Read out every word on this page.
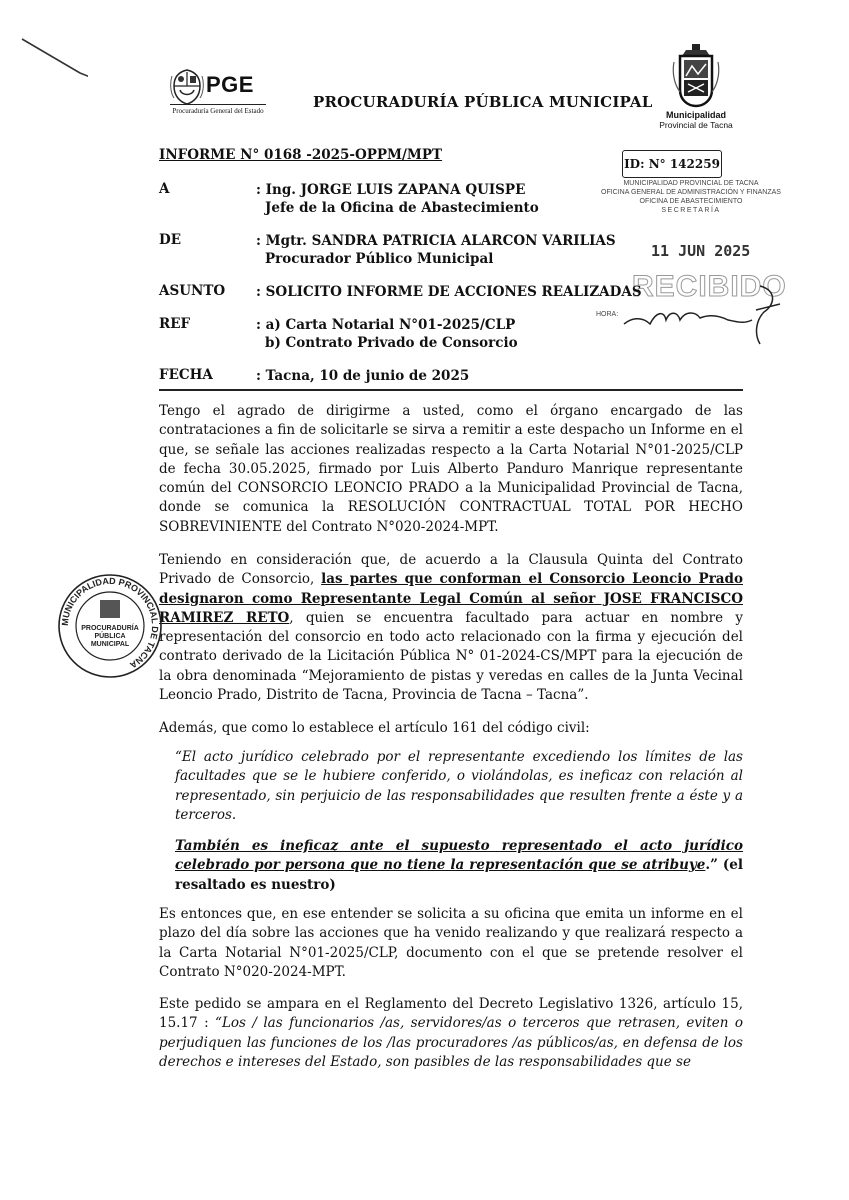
PGE
Procuraduría General del Estado	PROCURADURÍA PÚBLICA MUNICIPAL
Municipalidad
Provincial de Tacna
INFORME N° 0168 -2025-OPPM/MPT
ID: N° 142259
MUNICIPALIDAD PROVINCIAL DE TACNA
OFICINA GENERAL DE ADMINISTRACIÓN Y FINANZAS
OFICINA DE ABASTECIMIENTO
SECRETARÍA
11 JUN 2025
RECIBIDO
HORA:
A	: Ing. JORGE LUIS ZAPANA QUISPE
Jefe de la Oficina de Abastecimiento
DE	: Mgtr. SANDRA PATRICIA ALARCON VARILIAS
Procurador Público Municipal
ASUNTO : SOLICITO INFORME DE ACCIONES REALIZADAS
REF	: a) Carta Notarial N°01-2025/CLP
b) Contrato Privado de Consorcio
FECHA	: Tacna, 10 de junio de 2025
Tengo el agrado de dirigirme a usted, como el órgano encargado de las contrataciones a fin de solicitarle se sirva a remitir a este despacho un Informe en el que, se señale las acciones realizadas respecto a la Carta Notarial N°01-2025/CLP de fecha 30.05.2025, firmado por Luis Alberto Panduro Manrique representante común del CONSORCIO LEONCIO PRADO a la Municipalidad Provincial de Tacna, donde se comunica la RESOLUCIÓN CONTRACTUAL TOTAL POR HECHO SOBREVINIENTE del Contrato N°020-2024-MPT.
Teniendo en consideración que, de acuerdo a la Clausula Quinta del Contrato Privado de Consorcio, las partes que conforman el Consorcio Leoncio Prado designaron como Representante Legal Común al señor JOSE FRANCISCO RAMIREZ RETO, quien se encuentra facultado para actuar en nombre y representación del consorcio en todo acto relacionado con la firma y ejecución del contrato derivado de la Licitación Pública N° 01-2024-CS/MPT para la ejecución de la obra denominada “Mejoramiento de pistas y veredas en calles de la Junta Vecinal Leoncio Prado, Distrito de Tacna, Provincia de Tacna – Tacna”.
Además, que como lo establece el artículo 161 del código civil:
“El acto jurídico celebrado por el representante excediendo los límites de las facultades que se le hubiere conferido, o violándolas, es ineficaz con relación al representado, sin perjuicio de las responsabilidades que resulten frente a éste y a terceros.
También es ineficaz ante el supuesto representado el acto jurídico celebrado por persona que no tiene la representación que se atribuye.” (el resaltado es nuestro)
Es entonces que, en ese entender se solicita a su oficina que emita un informe en el plazo del día sobre las acciones que ha venido realizando y que realizará respecto a la Carta Notarial N°01-2025/CLP, documento con el que se pretende resolver el Contrato N°020-2024-MPT.
Este pedido se ampara en el Reglamento del Decreto Legislativo 1326, artículo 15, 15.17 : “Los / las funcionarios /as, servidores/as o terceros que retrasen, eviten o perjudiquen las funciones de los /las procuradores /as públicos/as, en defensa de los derechos e intereses del Estado, son pasibles de las responsabilidades que se
MUNICIPALIDAD PROVINCIAL DE TACNA
PROCURADURÍA
PÚBLICA
MUNICIPAL
